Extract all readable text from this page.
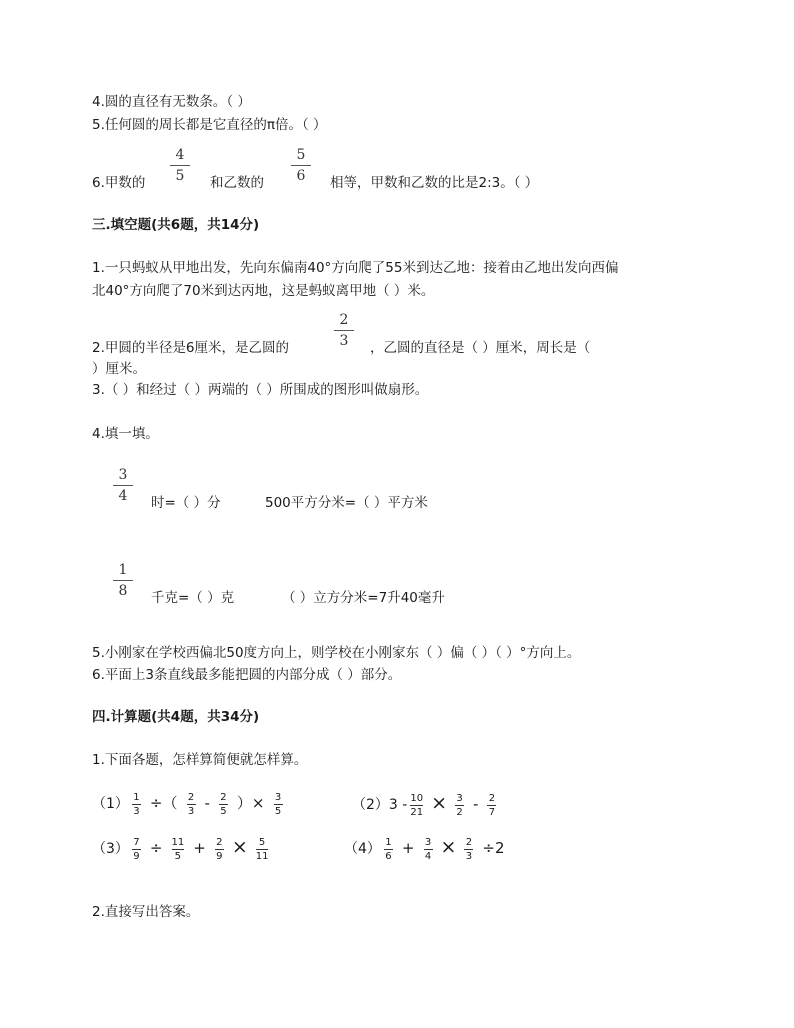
4.圆的直径有无数条。（ ）
5.任何圆的周长都是它直径的π倍。（ ）
6.甲数的
4
5	和乙数的
5
6	相等，甲数和乙数的比是2:3。（ ）
三.填空题(共6题，共14分)
1.一只蚂蚁从甲地出发，先向东偏南40°方向爬了55米到达乙地：接着由乙地出发向西偏
北40°方向爬了70米到达丙地，这是蚂蚁离甲地（ ）米。
2.甲圆的半径是6厘米，是乙圆的
2
3	，乙圆的直径是（ ）厘米，周长是（
）厘米。
3.（ ）和经过（ ）两端的（ ）所围成的图形叫做扇形。
4.填一填。
3
4	时=（ ）分	500平方分米=（ ）平方米
1
8	千克=（ ）克	（ ）立方分米=7升40毫升
5.小刚家在学校西偏北50度方向上，则学校在小刚家东（ ）偏（ ）（ ）°方向上。
6.平面上3条直线最多能把圆的内部分成（ ）部分。
四.计算题(共4题，共34分)
1.下面各题，怎样算简便就怎样算。
$(1) \frac{1}{3}$ ÷（ $\frac{2}{3} - \frac{2}{5}$ ）× $\frac{3}{5}$	$(2)3 - \frac{10}{21} \times \frac{3}{2} - \frac{2}{7}$
$(3) \frac{7}{9} \div \frac{11}{5} + \frac{2}{9} \times \frac{5}{11}$	$(4) \frac{1}{6} + \frac{3}{4} \times \frac{2}{3} \div 2$
2.直接写出答案。
